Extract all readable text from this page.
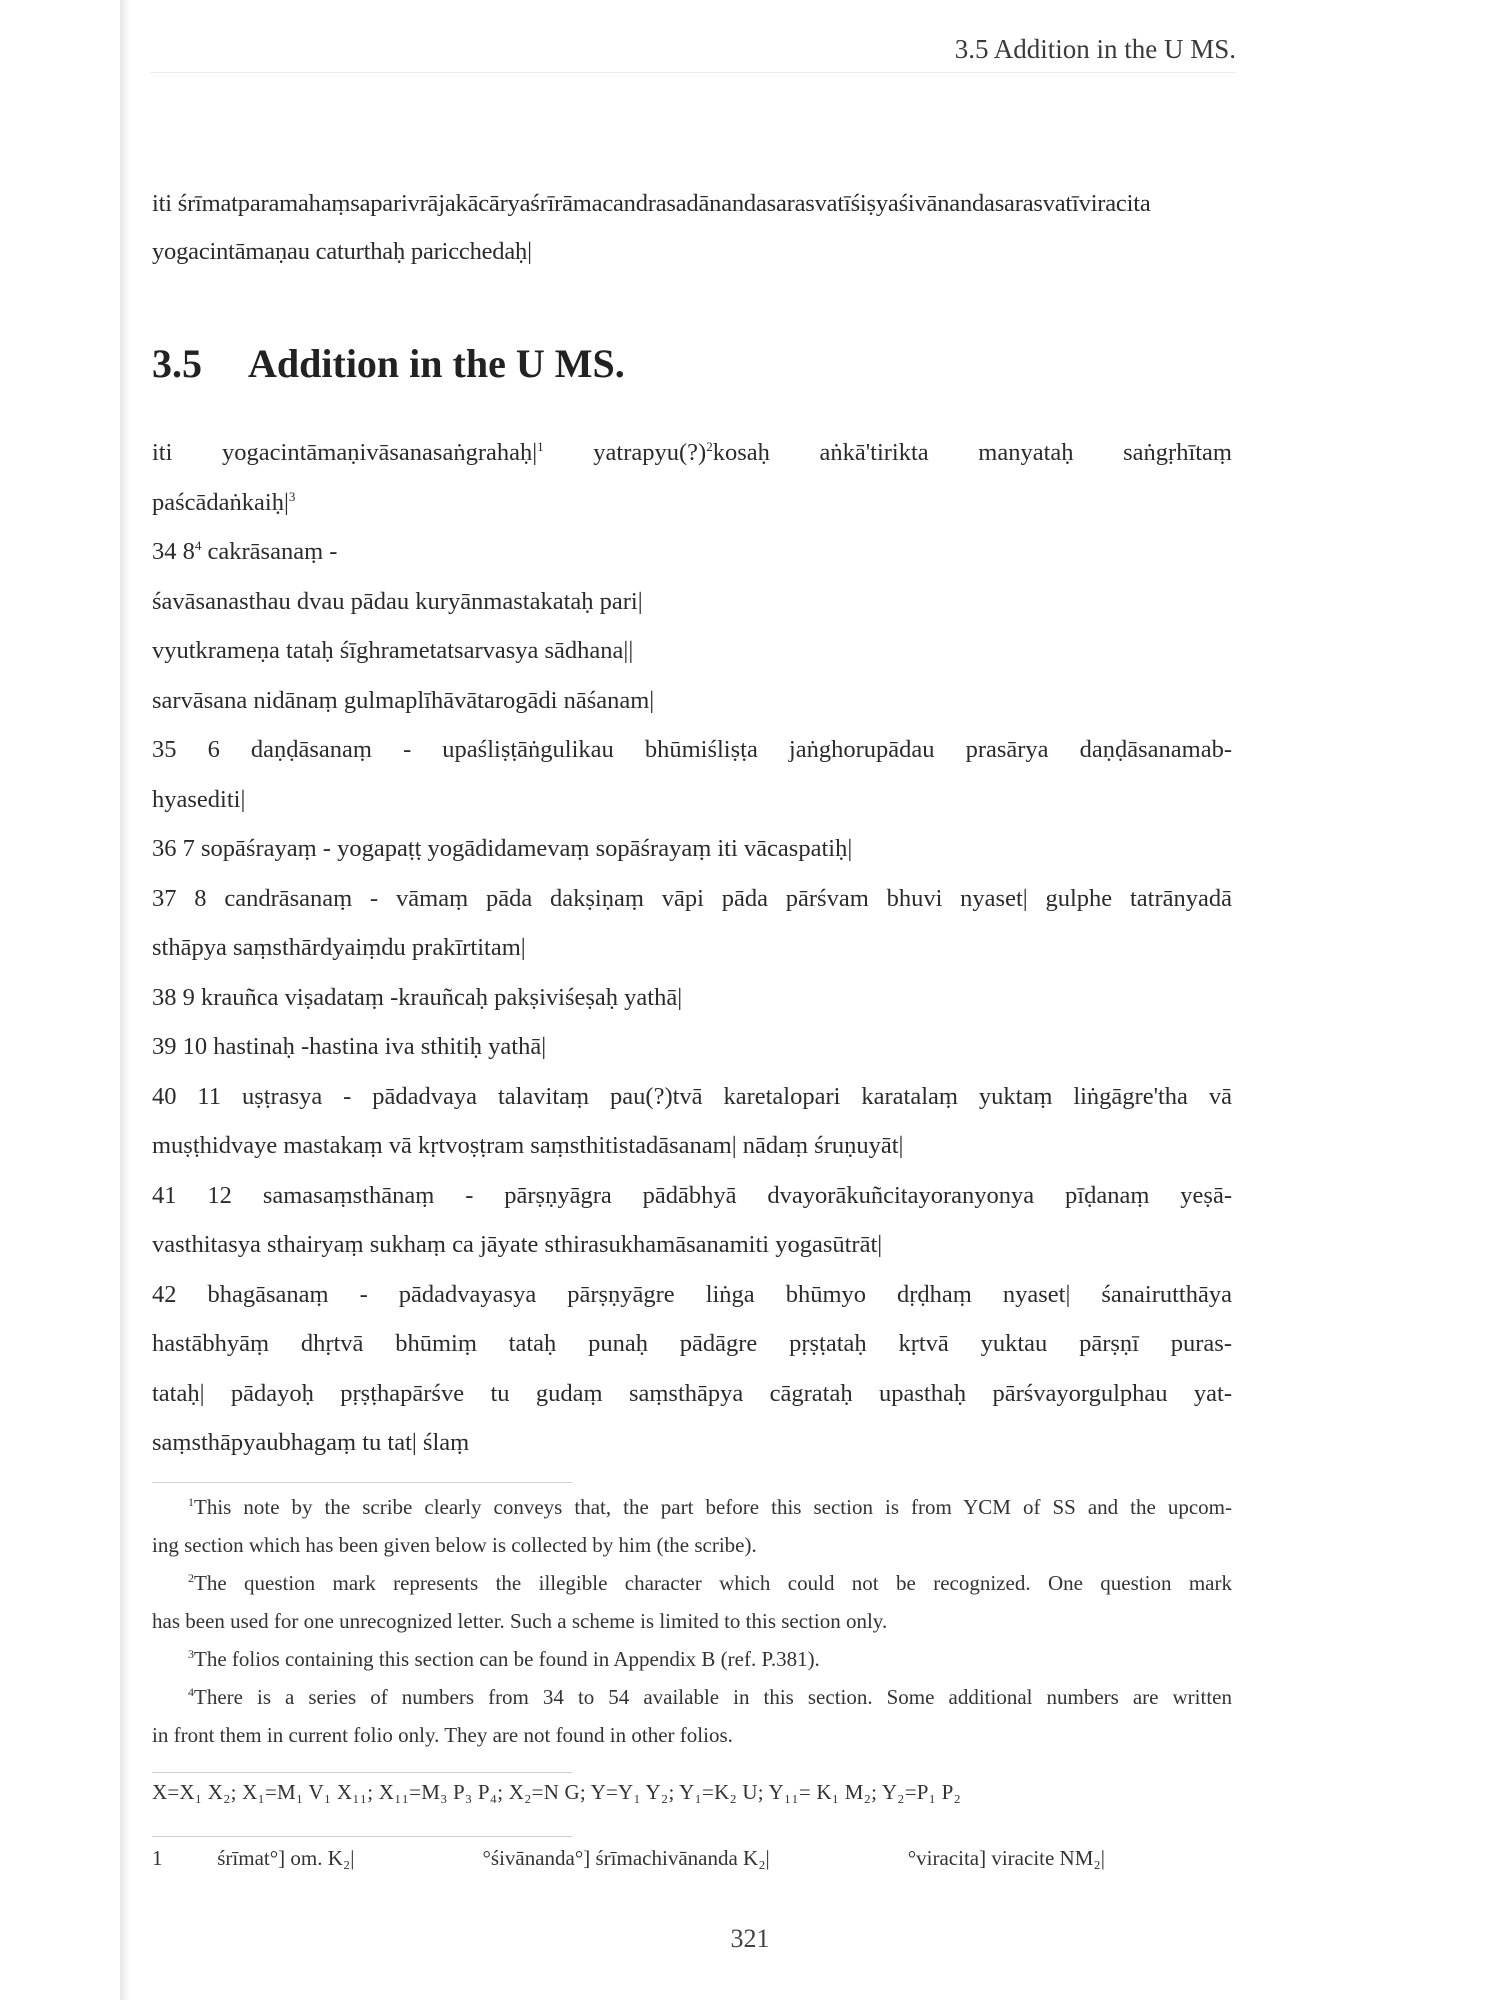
3.5 Addition in the U MS.
iti śrīmatparamahaṃsaparivrājakācāryaśrīrāmacandrasadānandasarasvatīśiṣyaśivānandasarasvatīviracita
yogacintāmaṇau caturthaḥ paricchedaḥ|
3.5 Addition in the U MS.
iti yogacintāmaṇivāsanasaṅgrahaḥ|$^1$ yatrapyu(?)$^2$kosaḥ aṅkā'tirikta manyataḥ saṅgṛhītaṃ
paścādaṅkaiḥ|$^3$
34 8$^4$ cakrāsanaṃ -
śavāsanasthau dvau pādau kuryānmastakataḥ pari|
vyutkrameṇa tataḥ śīghrametatsarvasya sādhana||
sarvāsana nidānaṃ gulmaplīhāvātarogādi nāśanam|
35 6 daṇḍāsanaṃ - upaśliṣṭāṅgulikau bhūmiśliṣṭa jaṅghorupādau prasārya daṇḍāsanamab-
hyaseditі|
36 7 sopāśrayaṃ - yogapaṭṭ yogādidamevaṃ sopāśrayaṃ iti vācaspatiḥ|
37 8 candrāsanaṃ - vāmaṃ pāda dakṣiṇaṃ vāpi pāda pārśvam bhuvi nyaset| gulphe tatrānyadā
sthāpya saṃsthārdyaiṃdu prakīrtitam|
38 9 krauñca viṣadataṃ -krauñcaḥ pakṣiviśeṣaḥ yathā|
39 10 hastinaḥ -hastina iva sthitiḥ yathā|
40 11 uṣṭrasya - pādadvaya talavitaṃ pau(?)tvā karetalopari karatalaṃ yuktaṃ liṅgāgre'tha vā
muṣṭhidvaye mastakaṃ vā kṛtvoṣṭram saṃsthitistadāsanam| nādaṃ śruṇuyāt|
41 12 samasaṃsthānaṃ - pārṣṇyāgra pādābhyā dvayorākuñcitayoranyonya pīḍanaṃ yeṣā-
vasthitasya sthairyaṃ sukhaṃ ca jāyate sthirasukhamāsanamiti yogasūtrāt|
42 bhagāsanaṃ - pādadvayasya pārṣṇyāgre liṅga bhūmyo dṛḍhaṃ nyaset| śanairutthāya
hastābhyāṃ dhṛtvā bhūmiṃ tataḥ punaḥ pādāgre pṛṣṭataḥ kṛtvā yuktau pārṣṇī puras-
tataḥ| pādayoḥ pṛṣṭhapārśve tu gudaṃ saṃsthāpya cāgrataḥ upasthaḥ pārśvayorgulphau yat-
saṃsthāpyaubhagaṃ tu tat| ślaṃ
$^1$This note by the scribe clearly conveys that, the part before this section is from YCM of SS and the upcom-
ing section which has been given below is collected by him (the scribe).
$^2$The question mark represents the illegible character which could not be recognized. One question mark
has been used for one unrecognized letter. Such a scheme is limited to this section only.
$^3$The folios containing this section can be found in Appendix B (ref. P.381).
$^4$There is a series of numbers from 34 to 54 available in this section. Some additional numbers are written
in front them in current folio only. They are not found in other folios.
X=X₁ X₂; X₁=M₁ V₁ X₁₁; X₁₁=M₃ P₃ P₄; X₂=N G; Y=Y₁ Y₂; Y₁=K₂ U; Y₁₁= K₁ M₂; Y₂=P₁ P₂
1	śrīmat°] om. K₂|	°śivānanda°] śrīmachivānanda K₂|	°viracita] viracite NM₂|
321
